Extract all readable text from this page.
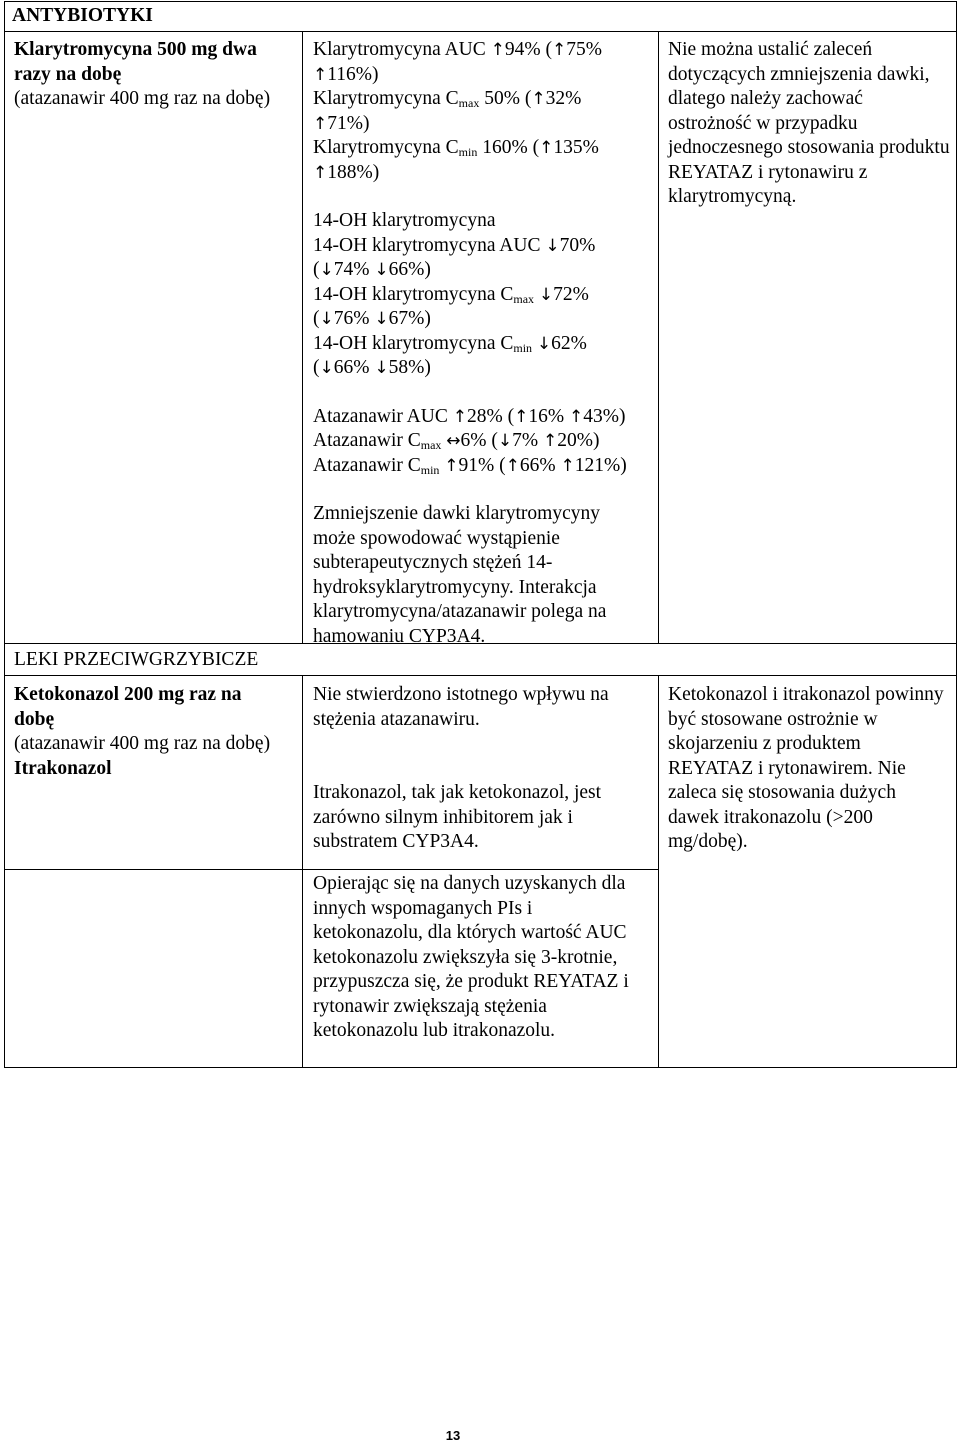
ANTYBIOTYKI
Klarytromycyna 500 mg dwa razy na dobę
(atazanawir 400 mg raz na dobę)
Klarytromycyna AUC ↑94% (↑75%
↑116%)
Klarytromycyna $C_{max}$ 50% (↑32%
↑71%)
Klarytromycyna $C_{min}$ 160% (↑135%
↑188%)
14-OH klarytromycyna
14-OH klarytromycyna AUC ↓70%
(↓74% ↓66%)
14-OH klarytromycyna $C_{max}$ ↓72%
(↓76% ↓67%)
14-OH klarytromycyna $C_{min}$ ↓62%
(↓66% ↓58%)
Atazanawir AUC ↑28% (↑16% ↑43%)
Atazanawir $C_{max}$ ↔6% (↓7% ↑20%)
Atazanawir $C_{min}$ ↑91% (↑66% ↑121%)
Zmniejszenie dawki klarytromycyny może spowodować wystąpienie subterapeutycznych stężeń 14-hydroksyklarytromycyny. Interakcja klarytromycyna/atazanawir polega na hamowaniu CYP3A4.
Nie można ustalić zaleceń dotyczących zmniejszenia dawki, dlatego należy zachować ostrożność w przypadku jednoczesnego stosowania produktu REYATAZ i rytonawiru z klarytromycyną.
LEKI PRZECIWGRZYBICZE
Ketokonazol 200 mg raz na dobę
(atazanawir 400 mg raz na dobę)
Itrakonazol
Nie stwierdzono istotnego wpływu na stężenia atazanawiru.
Itrakonazol, tak jak ketokonazol, jest zarówno silnym inhibitorem jak i substratem CYP3A4.
Opierając się na danych uzyskanych dla innych wspomaganych PIs i ketokonazolu, dla których wartość AUC ketokonazolu zwiększyła się 3-krotnie, przypuszcza się, że produkt REYATAZ i rytonawir zwiększają stężenia ketokonazolu lub itrakonazolu.
Ketokonazol i itrakonazol powinny być stosowane ostrożnie w skojarzeniu z produktem REYATAZ i rytonawirem. Nie zaleca się stosowania dużych dawek itrakonazolu (>200 mg/dobę).
13
